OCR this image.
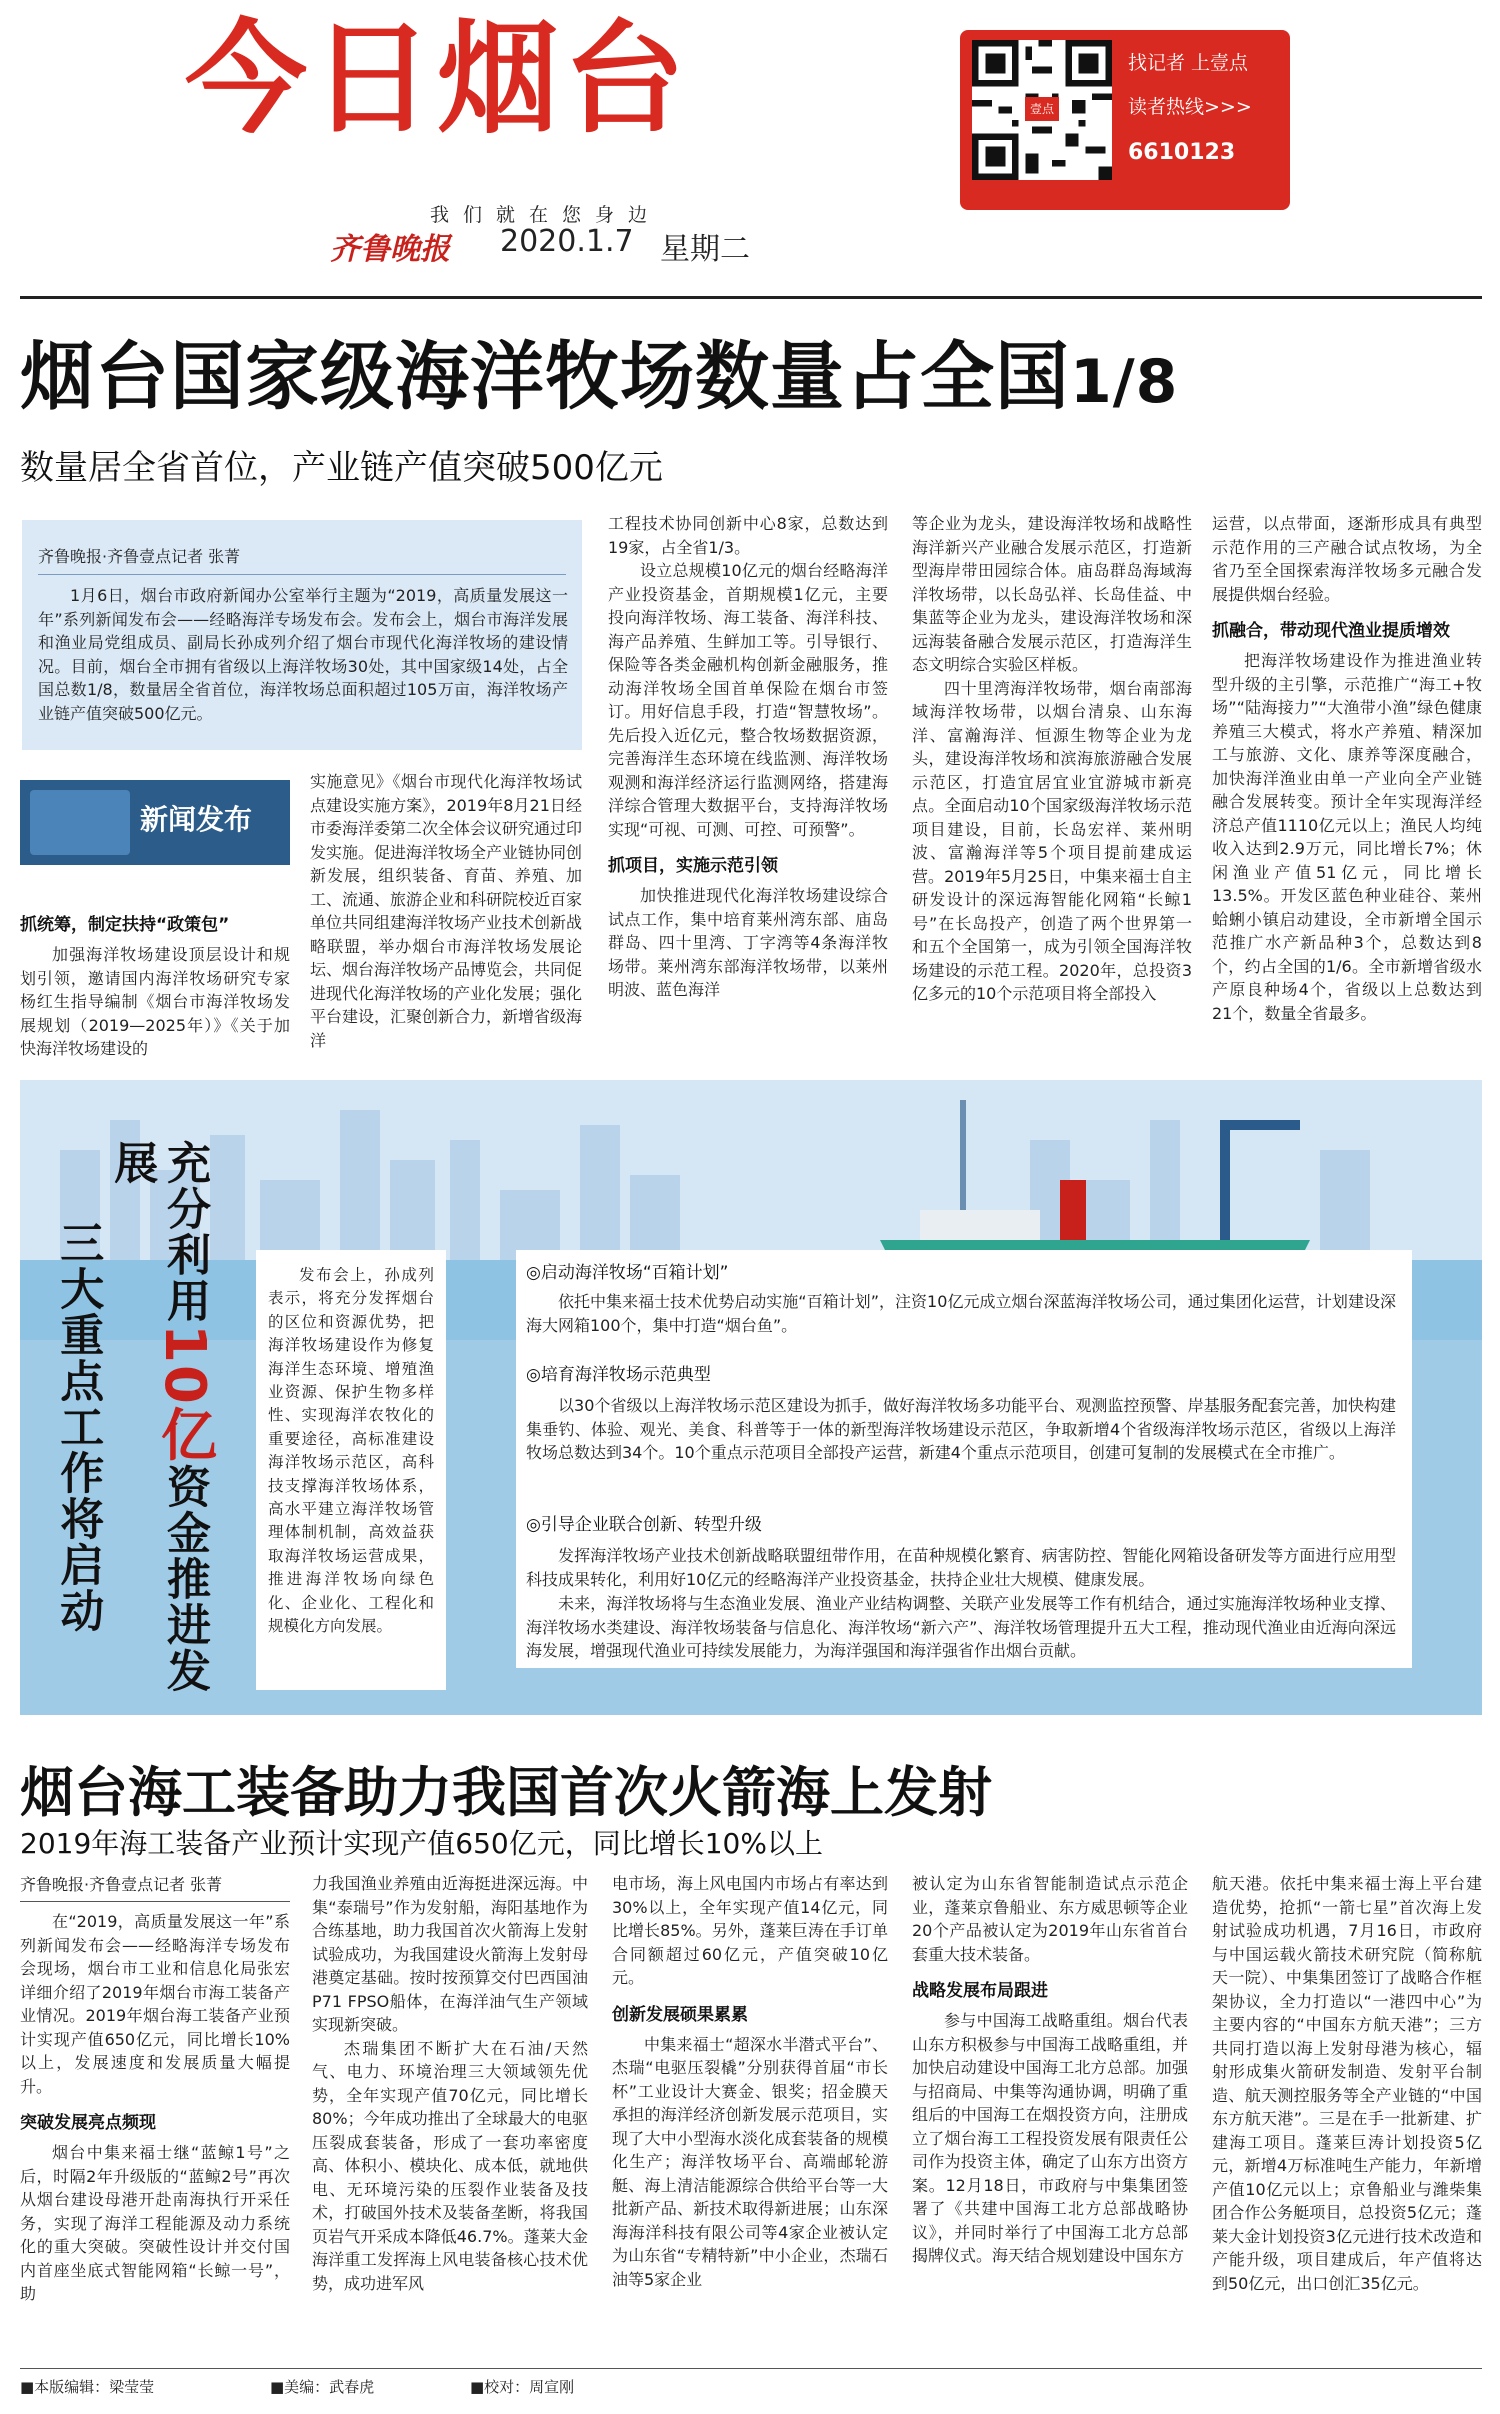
今日烟台
我们就在您身边
齐鲁晚报 2020.1.7 星期二
壹点
找记者 上壹点
读者热线>>>
6610123
烟台国家级海洋牧场数量占全国1/8
数量居全省首位，产业链产值突破500亿元
齐鲁晚报·齐鲁壹点记者 张菁
1月6日，烟台市政府新闻办公室举行主题为“2019，高质量发展这一年”系列新闻发布会——经略海洋专场发布会。发布会上，烟台市海洋发展和渔业局党组成员、副局长孙成列介绍了烟台市现代化海洋牧场的建设情况。目前，烟台全市拥有省级以上海洋牧场30处，其中国家级14处，占全国总数1/8，数量居全省首位，海洋牧场总面积超过105万亩，海洋牧场产业链产值突破500亿元。
新闻发布
抓统筹，制定扶持“政策包”
加强海洋牧场建设顶层设计和规划引领，邀请国内海洋牧场研究专家杨红生指导编制《烟台市海洋牧场发展规划（2019—2025年）》《关于加快海洋牧场建设的
实施意见》《烟台市现代化海洋牧场试点建设实施方案》，2019年8月21日经市委海洋委第二次全体会议研究通过印发实施。促进海洋牧场全产业链协同创新发展，组织装备、育苗、养殖、加工、流通、旅游企业和科研院校近百家单位共同组建海洋牧场产业技术创新战略联盟，举办烟台市海洋牧场发展论坛、烟台海洋牧场产品博览会，共同促进现代化海洋牧场的产业化发展；强化平台建设，汇聚创新合力，新增省级海洋
工程技术协同创新中心8家，总数达到19家，占全省1/3。
设立总规模10亿元的烟台经略海洋产业投资基金，首期规模1亿元，主要投向海洋牧场、海工装备、海洋科技、海产品养殖、生鲜加工等。引导银行、保险等各类金融机构创新金融服务，推动海洋牧场全国首单保险在烟台市签订。用好信息手段，打造“智慧牧场”。先后投入近亿元，整合牧场数据资源，完善海洋生态环境在线监测、海洋牧场观测和海洋经济运行监测网络，搭建海洋综合管理大数据平台，支持海洋牧场实现“可视、可测、可控、可预警”。
抓项目，实施示范引领
加快推进现代化海洋牧场建设综合试点工作，集中培育莱州湾东部、庙岛群岛、四十里湾、丁字湾等4条海洋牧场带。莱州湾东部海洋牧场带，以莱州明波、蓝色海洋
等企业为龙头，建设海洋牧场和战略性海洋新兴产业融合发展示范区，打造新型海岸带田园综合体。庙岛群岛海域海洋牧场带，以长岛弘祥、长岛佳益、中集蓝等企业为龙头，建设海洋牧场和深远海装备融合发展示范区，打造海洋生态文明综合实验区样板。
四十里湾海洋牧场带，烟台南部海域海洋牧场带，以烟台清泉、山东海洋、富瀚海洋、恒源生物等企业为龙头，建设海洋牧场和滨海旅游融合发展示范区，打造宜居宜业宜游城市新亮点。全面启动10个国家级海洋牧场示范项目建设，目前，长岛宏祥、莱州明波、富瀚海洋等5个项目提前建成运营。2019年5月25日，中集来福士自主研发设计的深远海智能化网箱“长鲸1号”在长岛投产，创造了两个世界第一和五个全国第一，成为引领全国海洋牧场建设的示范工程。2020年，总投资3亿多元的10个示范项目将全部投入
运营，以点带面，逐渐形成具有典型示范作用的三产融合试点牧场，为全省乃至全国探索海洋牧场多元融合发展提供烟台经验。
抓融合，带动现代渔业提质增效
把海洋牧场建设作为推进渔业转型升级的主引擎，示范推广“海工+牧场”“陆海接力”“大渔带小渔”绿色健康养殖三大模式，将水产养殖、精深加工与旅游、文化、康养等深度融合，加快海洋渔业由单一产业向全产业链融合发展转变。预计全年实现海洋经济总产值1110亿元以上；渔民人均纯收入达到2.9万元，同比增长7%；休闲渔业产值51亿元，同比增长13.5%。开发区蓝色种业硅谷、莱州蛤蜊小镇启动建设，全市新增全国示范推广水产新品种3个，总数达到8个，约占全国的1/6。全市新增省级水产原良种场4个，省级以上总数达到21个，数量全省最多。
充分利用10亿资金推进发展
三大重点工作将启动	发布会上，孙成列表示，将充分发挥烟台的区位和资源优势，把海洋牧场建设作为修复海洋生态环境、增殖渔业资源、保护生物多样性、实现海洋农牧化的重要途径，高标准建设海洋牧场示范区，高科技支撑海洋牧场体系，高水平建立海洋牧场管理体制机制，高效益获取海洋牧场运营成果，推进海洋牧场向绿色化、企业化、工程化和规模化方向发展。
◎启动海洋牧场“百箱计划”
依托中集来福士技术优势启动实施“百箱计划”，注资10亿元成立烟台深蓝海洋牧场公司，通过集团化运营，计划建设深海大网箱100个，集中打造“烟台鱼”。
◎培育海洋牧场示范典型
以30个省级以上海洋牧场示范区建设为抓手，做好海洋牧场多功能平台、观测监控预警、岸基服务配套完善，加快构建集垂钓、体验、观光、美食、科普等于一体的新型海洋牧场建设示范区，争取新增4个省级海洋牧场示范区，省级以上海洋牧场总数达到34个。10个重点示范项目全部投产运营，新建4个重点示范项目，创建可复制的发展模式在全市推广。
◎引导企业联合创新、转型升级
发挥海洋牧场产业技术创新战略联盟纽带作用，在苗种规模化繁育、病害防控、智能化网箱设备研发等方面进行应用型科技成果转化，利用好10亿元的经略海洋产业投资基金，扶持企业壮大规模、健康发展。
未来，海洋牧场将与生态渔业发展、渔业产业结构调整、关联产业发展等工作有机结合，通过实施海洋牧场种业支撑、海洋牧场水类建设、海洋牧场装备与信息化、海洋牧场“新六产”、海洋牧场管理提升五大工程，推动现代渔业由近海向深远海发展，增强现代渔业可持续发展能力，为海洋强国和海洋强省作出烟台贡献。
烟台海工装备助力我国首次火箭海上发射
2019年海工装备产业预计实现产值650亿元，同比增长10%以上
齐鲁晚报·齐鲁壹点记者 张菁
在“2019，高质量发展这一年”系列新闻发布会——经略海洋专场发布会现场，烟台市工业和信息化局张宏详细介绍了2019年烟台市海工装备产业情况。2019年烟台海工装备产业预计实现产值650亿元，同比增长10%以上，发展速度和发展质量大幅提升。
突破发展亮点频现
烟台中集来福士继“蓝鲸1号”之后，时隔2年升级版的“蓝鲸2号”再次从烟台建设母港开赴南海执行开采任务，实现了海洋工程能源及动力系统化的重大突破。突破性设计并交付国内首座坐底式智能网箱“长鲸一号”，助
力我国渔业养殖由近海挺进深远海。中集“泰瑞号”作为发射船，海阳基地作为合练基地，助力我国首次火箭海上发射试验成功，为我国建设火箭海上发射母港奠定基础。按时按预算交付巴西国油P71 FPSO船体，在海洋油气生产领域实现新突破。
杰瑞集团不断扩大在石油/天然气、电力、环境治理三大领域领先优势，全年实现产值70亿元，同比增长80%；今年成功推出了全球最大的电驱压裂成套装备，形成了一套功率密度高、体积小、模块化、成本低，就地供电、无环境污染的压裂作业装备及技术，打破国外技术及装备垄断，将我国页岩气开采成本降低46.7%。蓬莱大金海洋重工发挥海上风电装备核心技术优势，成功进军风
电市场，海上风电国内市场占有率达到30%以上，全年实现产值14亿元，同比增长85%。另外，蓬莱巨涛在手订单合同额超过60亿元，产值突破10亿元。
创新发展硕果累累
中集来福士“超深水半潜式平台”、杰瑞“电驱压裂橇”分别获得首届“市长杯”工业设计大赛金、银奖；招金膜天承担的海洋经济创新发展示范项目，实现了大中小型海水淡化成套装备的规模化生产；海洋牧场平台、高端邮轮游艇、海上清洁能源综合供给平台等一大批新产品、新技术取得新进展；山东深海海洋科技有限公司等4家企业被认定为山东省“专精特新”中小企业，杰瑞石油等5家企业
被认定为山东省智能制造试点示范企业，蓬莱京鲁船业、东方威思顿等企业20个产品被认定为2019年山东省首台套重大技术装备。
战略发展布局跟进
参与中国海工战略重组。烟台代表山东方积极参与中国海工战略重组，并加快启动建设中国海工北方总部。加强与招商局、中集等沟通协调，明确了重组后的中国海工在烟投资方向，注册成立了烟台海工工程投资发展有限责任公司作为投资主体，确定了山东方出资方案。12月18日，市政府与中集集团签署了《共建中国海工北方总部战略协议》，并同时举行了中国海工北方总部揭牌仪式。海天结合规划建设中国东方
航天港。依托中集来福士海上平台建造优势，抢抓“一箭七星”首次海上发射试验成功机遇，7月16日，市政府与中国运载火箭技术研究院（简称航天一院）、中集集团签订了战略合作框架协议，全力打造以“一港四中心”为主要内容的“中国东方航天港”；三方共同打造以海上发射母港为核心，辐射形成集火箭研发制造、发射平台制造、航天测控服务等全产业链的“中国东方航天港”。三是在手一批新建、扩建海工项目。蓬莱巨涛计划投资5亿元，新增4万标准吨生产能力，年新增产值10亿元以上；京鲁船业与潍柴集团合作公务艇项目，总投资5亿元；蓬莱大金计划投资3亿元进行技术改造和产能升级，项目建成后，年产值将达到50亿元，出口创汇35亿元。
■本版编辑：梁莹莹	■美编：武春虎	■校对：周宣刚
